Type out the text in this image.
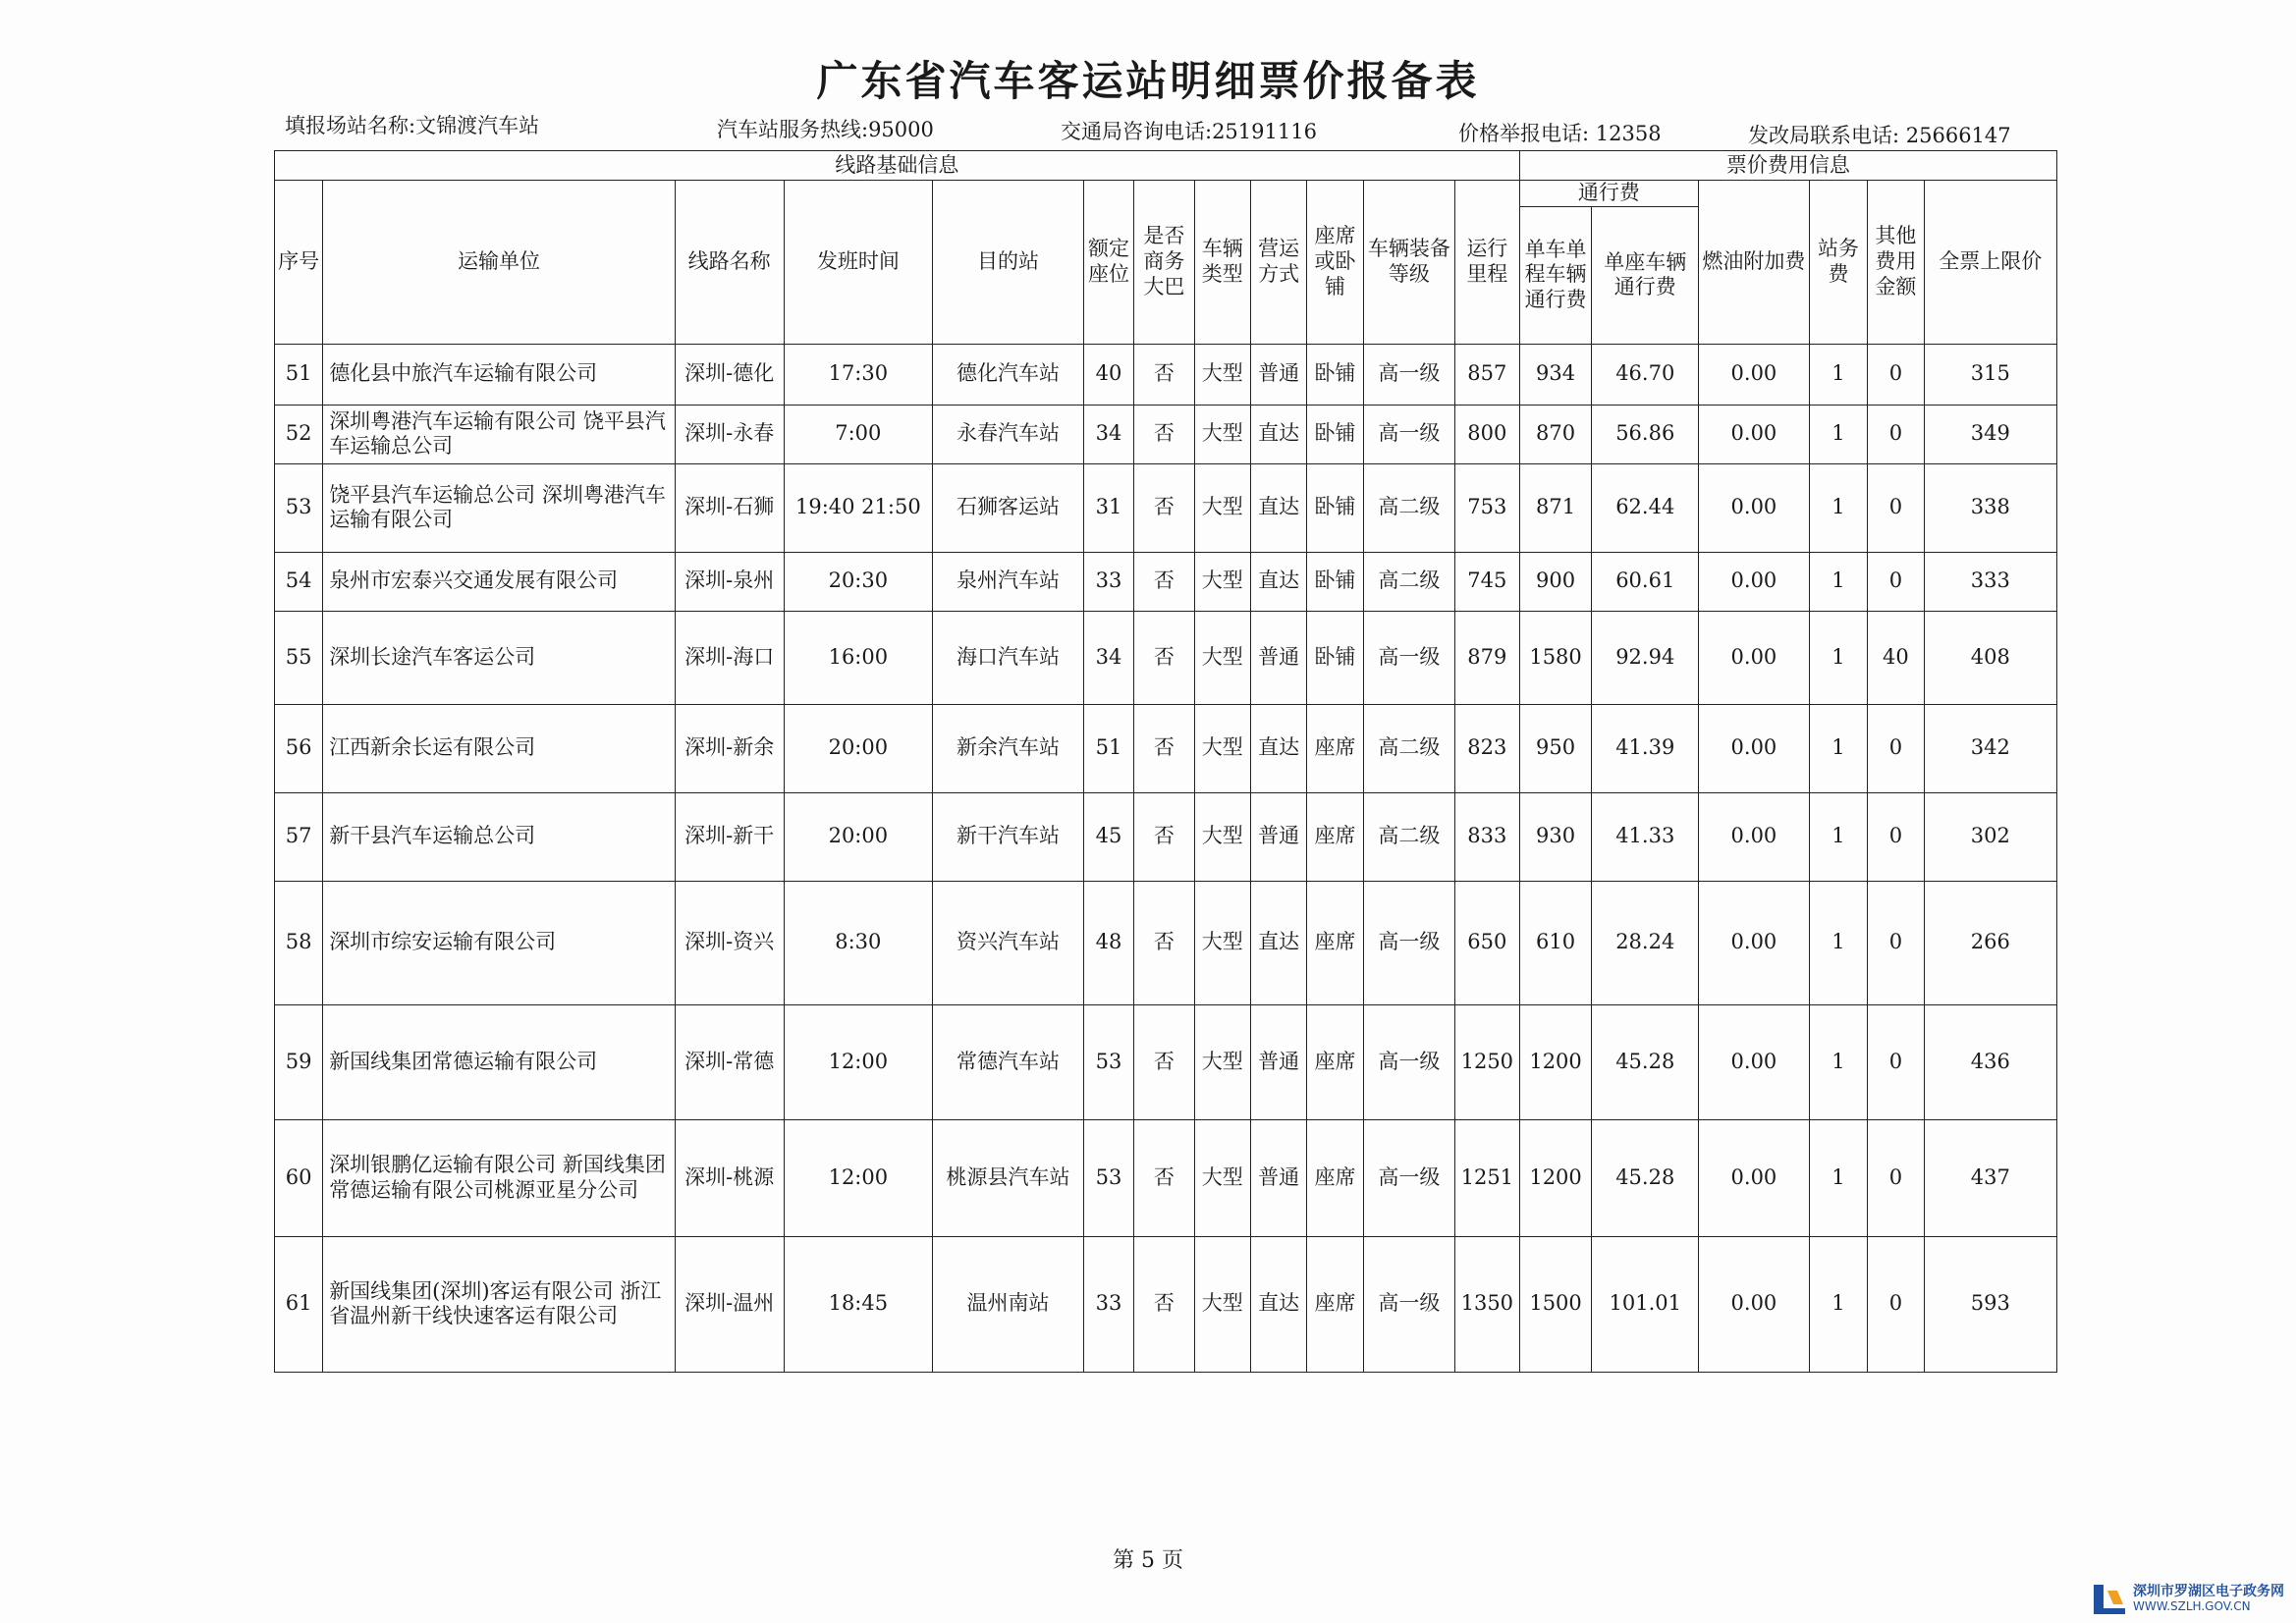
广东省汽车客运站明细票价报备表
填报场站名称:文锦渡汽车站	汽车站服务热线:95000	交通局咨询电话:25191116	价格举报电话: 12358	发改局联系电话: 25666147
线路基础信息												票价费用信息					
序号	运输单位	线路名称	发班时间	目的站	额定座位	是否商务大巴	车辆类型	营运方式	座席或卧铺	车辆装备等级	运行里程	通行费		燃油附加费	站务费	其他费用金额	全票上限价
												单车单程车辆通行费	单座车辆通行费				
51	德化县中旅汽车运输有限公司	深圳-德化	17:30	德化汽车站	40	否	大型	普通	卧铺	高一级	857	934	46.70	0.00	1	0	315
52	深圳粤港汽车运输有限公司 饶平县汽车运输总公司	深圳-永春	7:00	永春汽车站	34	否	大型	直达	卧铺	高一级	800	870	56.86	0.00	1	0	349
53	饶平县汽车运输总公司 深圳粤港汽车运输有限公司	深圳-石狮	19:40 21:50	石狮客运站	31	否	大型	直达	卧铺	高二级	753	871	62.44	0.00	1	0	338
54	泉州市宏泰兴交通发展有限公司	深圳-泉州	20:30	泉州汽车站	33	否	大型	直达	卧铺	高二级	745	900	60.61	0.00	1	0	333
55	深圳长途汽车客运公司	深圳-海口	16:00	海口汽车站	34	否	大型	普通	卧铺	高一级	879	1580	92.94	0.00	1	40	408
56	江西新余长运有限公司	深圳-新余	20:00	新余汽车站	51	否	大型	直达	座席	高二级	823	950	41.39	0.00	1	0	342
57	新干县汽车运输总公司	深圳-新干	20:00	新干汽车站	45	否	大型	普通	座席	高二级	833	930	41.33	0.00	1	0	302
58	深圳市综安运输有限公司	深圳-资兴	8:30	资兴汽车站	48	否	大型	直达	座席	高一级	650	610	28.24	0.00	1	0	266
59	新国线集团常德运输有限公司	深圳-常德	12:00	常德汽车站	53	否	大型	普通	座席	高一级	1250	1200	45.28	0.00	1	0	436
60	深圳银鹏亿运输有限公司 新国线集团常德运输有限公司桃源亚星分公司	深圳-桃源	12:00	桃源县汽车站	53	否	大型	普通	座席	高一级	1251	1200	45.28	0.00	1	0	437
61	新国线集团(深圳)客运有限公司 浙江省温州新干线快速客运有限公司	深圳-温州	18:45	温州南站	33	否	大型	直达	座席	高一级	1350	1500	101.01	0.00	1	0	593
第 5 页
深圳市罗湖区电子政务网
WWW.SZLH.GOV.CN
